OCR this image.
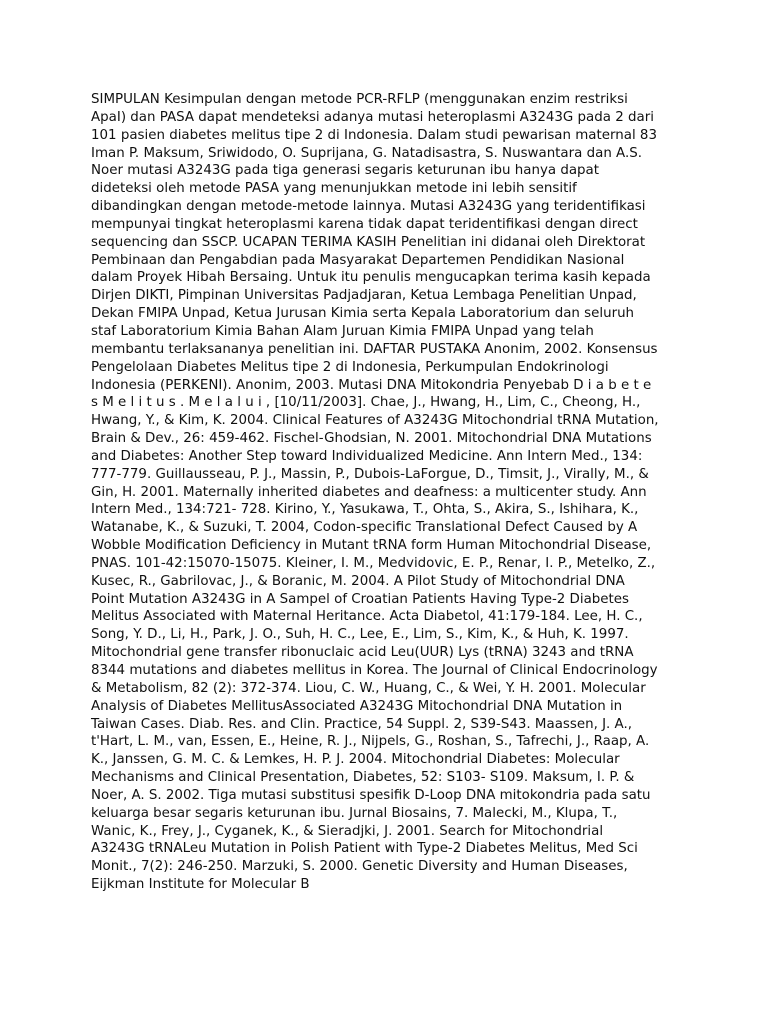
SIMPULAN Kesimpulan dengan metode PCR-RFLP (menggunakan enzim restriksi
ApaI) dan PASA dapat mendeteksi adanya mutasi heteroplasmi A3243G pada 2 dari
101 pasien diabetes melitus tipe 2 di Indonesia. Dalam studi pewarisan maternal 83
Iman P. Maksum, Sriwidodo, O. Suprijana, G. Natadisastra, S. Nuswantara dan A.S.
Noer mutasi A3243G pada tiga generasi segaris keturunan ibu hanya dapat
dideteksi oleh metode PASA yang menunjukkan metode ini lebih sensitif
dibandingkan dengan metode-metode lainnya. Mutasi A3243G yang teridentifikasi
mempunyai tingkat heteroplasmi karena tidak dapat teridentifikasi dengan direct
sequencing dan SSCP. UCAPAN TERIMA KASIH Penelitian ini didanai oleh Direktorat
Pembinaan dan Pengabdian pada Masyarakat Departemen Pendidikan Nasional
dalam Proyek Hibah Bersaing. Untuk itu penulis mengucapkan terima kasih kepada
Dirjen DIKTI, Pimpinan Universitas Padjadjaran, Ketua Lembaga Penelitian Unpad,
Dekan FMIPA Unpad, Ketua Jurusan Kimia serta Kepala Laboratorium dan seluruh
staf Laboratorium Kimia Bahan Alam Juruan Kimia FMIPA Unpad yang telah
membantu terlaksananya penelitian ini. DAFTAR PUSTAKA Anonim, 2002. Konsensus
Pengelolaan Diabetes Melitus tipe 2 di Indonesia, Perkumpulan Endokrinologi
Indonesia (PERKENI). Anonim, 2003. Mutasi DNA Mitokondria Penyebab D i a b e t e
s M e l i t u s . M e l a l u i , [10/11/2003]. Chae, J., Hwang, H., Lim, C., Cheong, H.,
Hwang, Y., & Kim, K. 2004. Clinical Features of A3243G Mitochondrial tRNA Mutation,
Brain & Dev., 26: 459-462. Fischel-Ghodsian, N. 2001. Mitochondrial DNA Mutations
and Diabetes: Another Step toward Individualized Medicine. Ann Intern Med., 134:
777-779. Guillausseau, P. J., Massin, P., Dubois-LaForgue, D., Timsit, J., Virally, M., &
Gin, H. 2001. Maternally inherited diabetes and deafness: a multicenter study. Ann
Intern Med., 134:721- 728. Kirino, Y., Yasukawa, T., Ohta, S., Akira, S., Ishihara, K.,
Watanabe, K., & Suzuki, T. 2004, Codon-specific Translational Defect Caused by A
Wobble Modification Deficiency in Mutant tRNA form Human Mitochondrial Disease,
PNAS. 101-42:15070-15075. Kleiner, I. M., Medvidovic, E. P., Renar, I. P., Metelko, Z.,
Kusec, R., Gabrilovac, J., & Boranic, M. 2004. A Pilot Study of Mitochondrial DNA
Point Mutation A3243G in A Sampel of Croatian Patients Having Type-2 Diabetes
Melitus Associated with Maternal Heritance. Acta Diabetol, 41:179-184. Lee, H. C.,
Song, Y. D., Li, H., Park, J. O., Suh, H. C., Lee, E., Lim, S., Kim, K., & Huh, K. 1997.
Mitochondrial gene transfer ribonuclaic acid Leu(UUR) Lys (tRNA) 3243 and tRNA
8344 mutations and diabetes mellitus in Korea. The Journal of Clinical Endocrinology
& Metabolism, 82 (2): 372-374. Liou, C. W., Huang, C., & Wei, Y. H. 2001. Molecular
Analysis of Diabetes MellitusAssociated A3243G Mitochondrial DNA Mutation in
Taiwan Cases. Diab. Res. and Clin. Practice, 54 Suppl. 2, S39-S43. Maassen, J. A.,
t'Hart, L. M., van, Essen, E., Heine, R. J., Nijpels, G., Roshan, S., Tafrechi, J., Raap, A.
K., Janssen, G. M. C. & Lemkes, H. P. J. 2004. Mitochondrial Diabetes: Molecular
Mechanisms and Clinical Presentation, Diabetes, 52: S103- S109. Maksum, I. P. &
Noer, A. S. 2002. Tiga mutasi substitusi spesifik D-Loop DNA mitokondria pada satu
keluarga besar segaris keturunan ibu. Jurnal Biosains, 7. Malecki, M., Klupa, T.,
Wanic, K., Frey, J., Cyganek, K., & Sieradjki, J. 2001. Search for Mitochondrial
A3243G tRNALeu Mutation in Polish Patient with Type-2 Diabetes Melitus, Med Sci
Monit., 7(2): 246-250. Marzuki, S. 2000. Genetic Diversity and Human Diseases,
Eijkman Institute for Molecular B
